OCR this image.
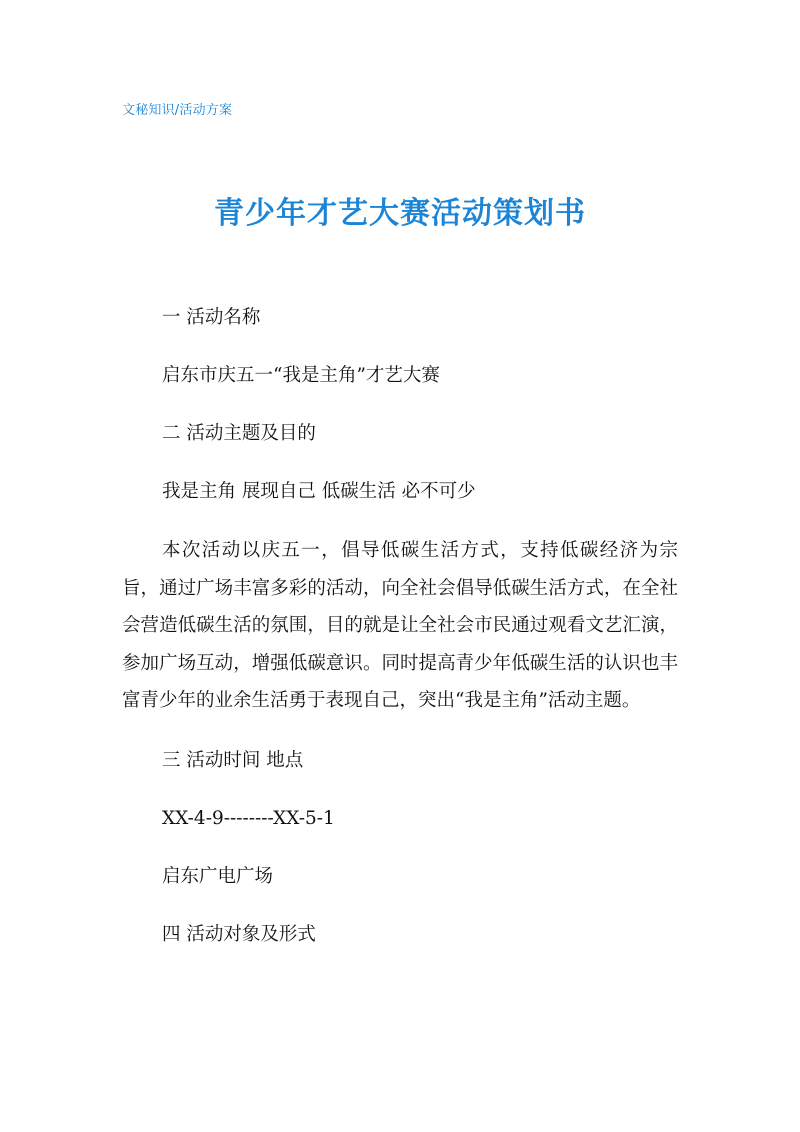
文秘知识/活动方案
青少年才艺大赛活动策划书
一 活动名称
启东市庆五一“我是主角”才艺大赛
二 活动主题及目的
我是主角 展现自己 低碳生活 必不可少
本次活动以庆五一，倡导低碳生活方式，支持低碳经济为宗旨，通过广场丰富多彩的活动，向全社会倡导低碳生活方式，在全社会营造低碳生活的氛围，目的就是让全社会市民通过观看文艺汇演，参加广场互动，增强低碳意识。同时提高青少年低碳生活的认识也丰富青少年的业余生活勇于表现自己，突出“我是主角”活动主题。
三 活动时间 地点
XX-4-9--------XX-5-1
启东广电广场
四 活动对象及形式
